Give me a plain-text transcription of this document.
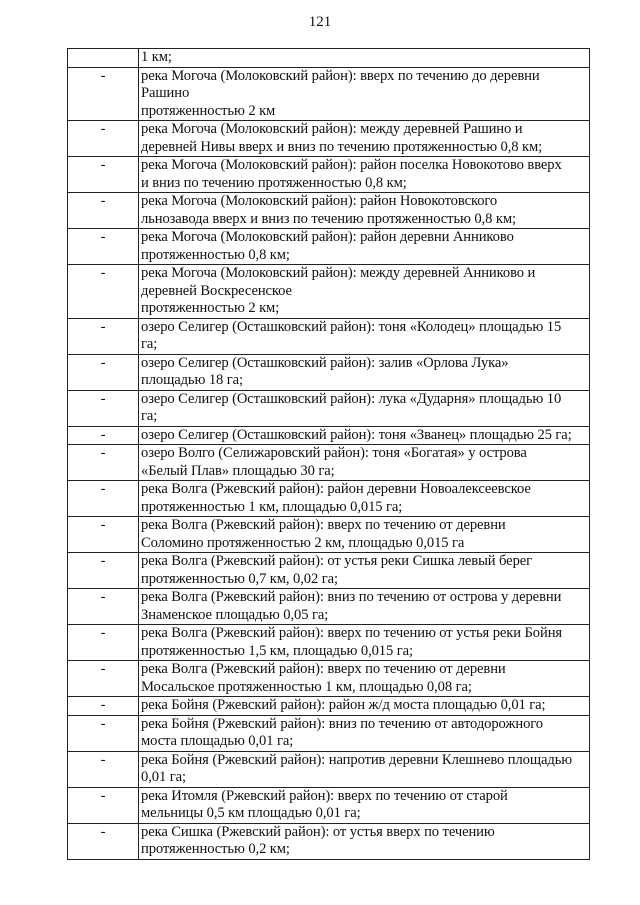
121
	1 км;
-	река Могоча (Молоковский район): вверх по течению до деревни
Рашино
протяженностью 2 км
-	река Могоча (Молоковский район): между деревней Рашино и
деревней Нивы вверх и вниз по течению протяженностью 0,8 км;
-	река Могоча (Молоковский район): район поселка Новокотово вверх
и вниз по течению протяженностью 0,8 км;
-	река Могоча (Молоковский район): район Новокотовского
льнозавода вверх и вниз по течению протяженностью 0,8 км;
-	река Могоча (Молоковский район): район деревни Анниково
протяженностью 0,8 км;
-	река Могоча (Молоковский район): между деревней Анниково и
деревней Воскресенское
протяженностью 2 км;
-	озеро Селигер (Осташковский район): тоня «Колодец» площадью 15
га;
-	озеро Селигер (Осташковский район): залив «Орлова Лука»
площадью 18 га;
-	озеро Селигер (Осташковский район): лука «Дударня» площадью 10
га;
-	озеро Селигер (Осташковский район): тоня «Званец» площадью 25 га;
-	озеро Волго (Селижаровский район): тоня «Богатая» у острова
«Белый Плав» площадью 30 га;
-	река Волга (Ржевский район): район деревни Новоалексеевское
протяженностью 1 км, площадью 0,015 га;
-	река Волга (Ржевский район): вверх по течению от деревни
Соломино протяженностью 2 км, площадью 0,015 га
-	река Волга (Ржевский район): от устья реки Сишка левый берег
протяженностью 0,7 км, 0,02 га;
-	река Волга (Ржевский район): вниз по течению от острова у деревни
Знаменское площадью 0,05 га;
-	река Волга (Ржевский район): вверх по течению от устья реки Бойня
протяженностью 1,5 км, площадью 0,015 га;
-	река Волга (Ржевский район): вверх по течению от деревни
Мосальское протяженностью 1 км, площадью 0,08 га;
-	река Бойня (Ржевский район): район ж/д моста площадью 0,01 га;
-	река Бойня (Ржевский район): вниз по течению от автодорожного
моста площадью 0,01 га;
-	река Бойня (Ржевский район): напротив деревни Клешнево площадью
0,01 га;
-	река Итомля (Ржевский район): вверх по течению от старой
мельницы 0,5 км площадью 0,01 га;
-	река Сишка (Ржевский район): от устья вверх по течению
протяженностью 0,2 км;
